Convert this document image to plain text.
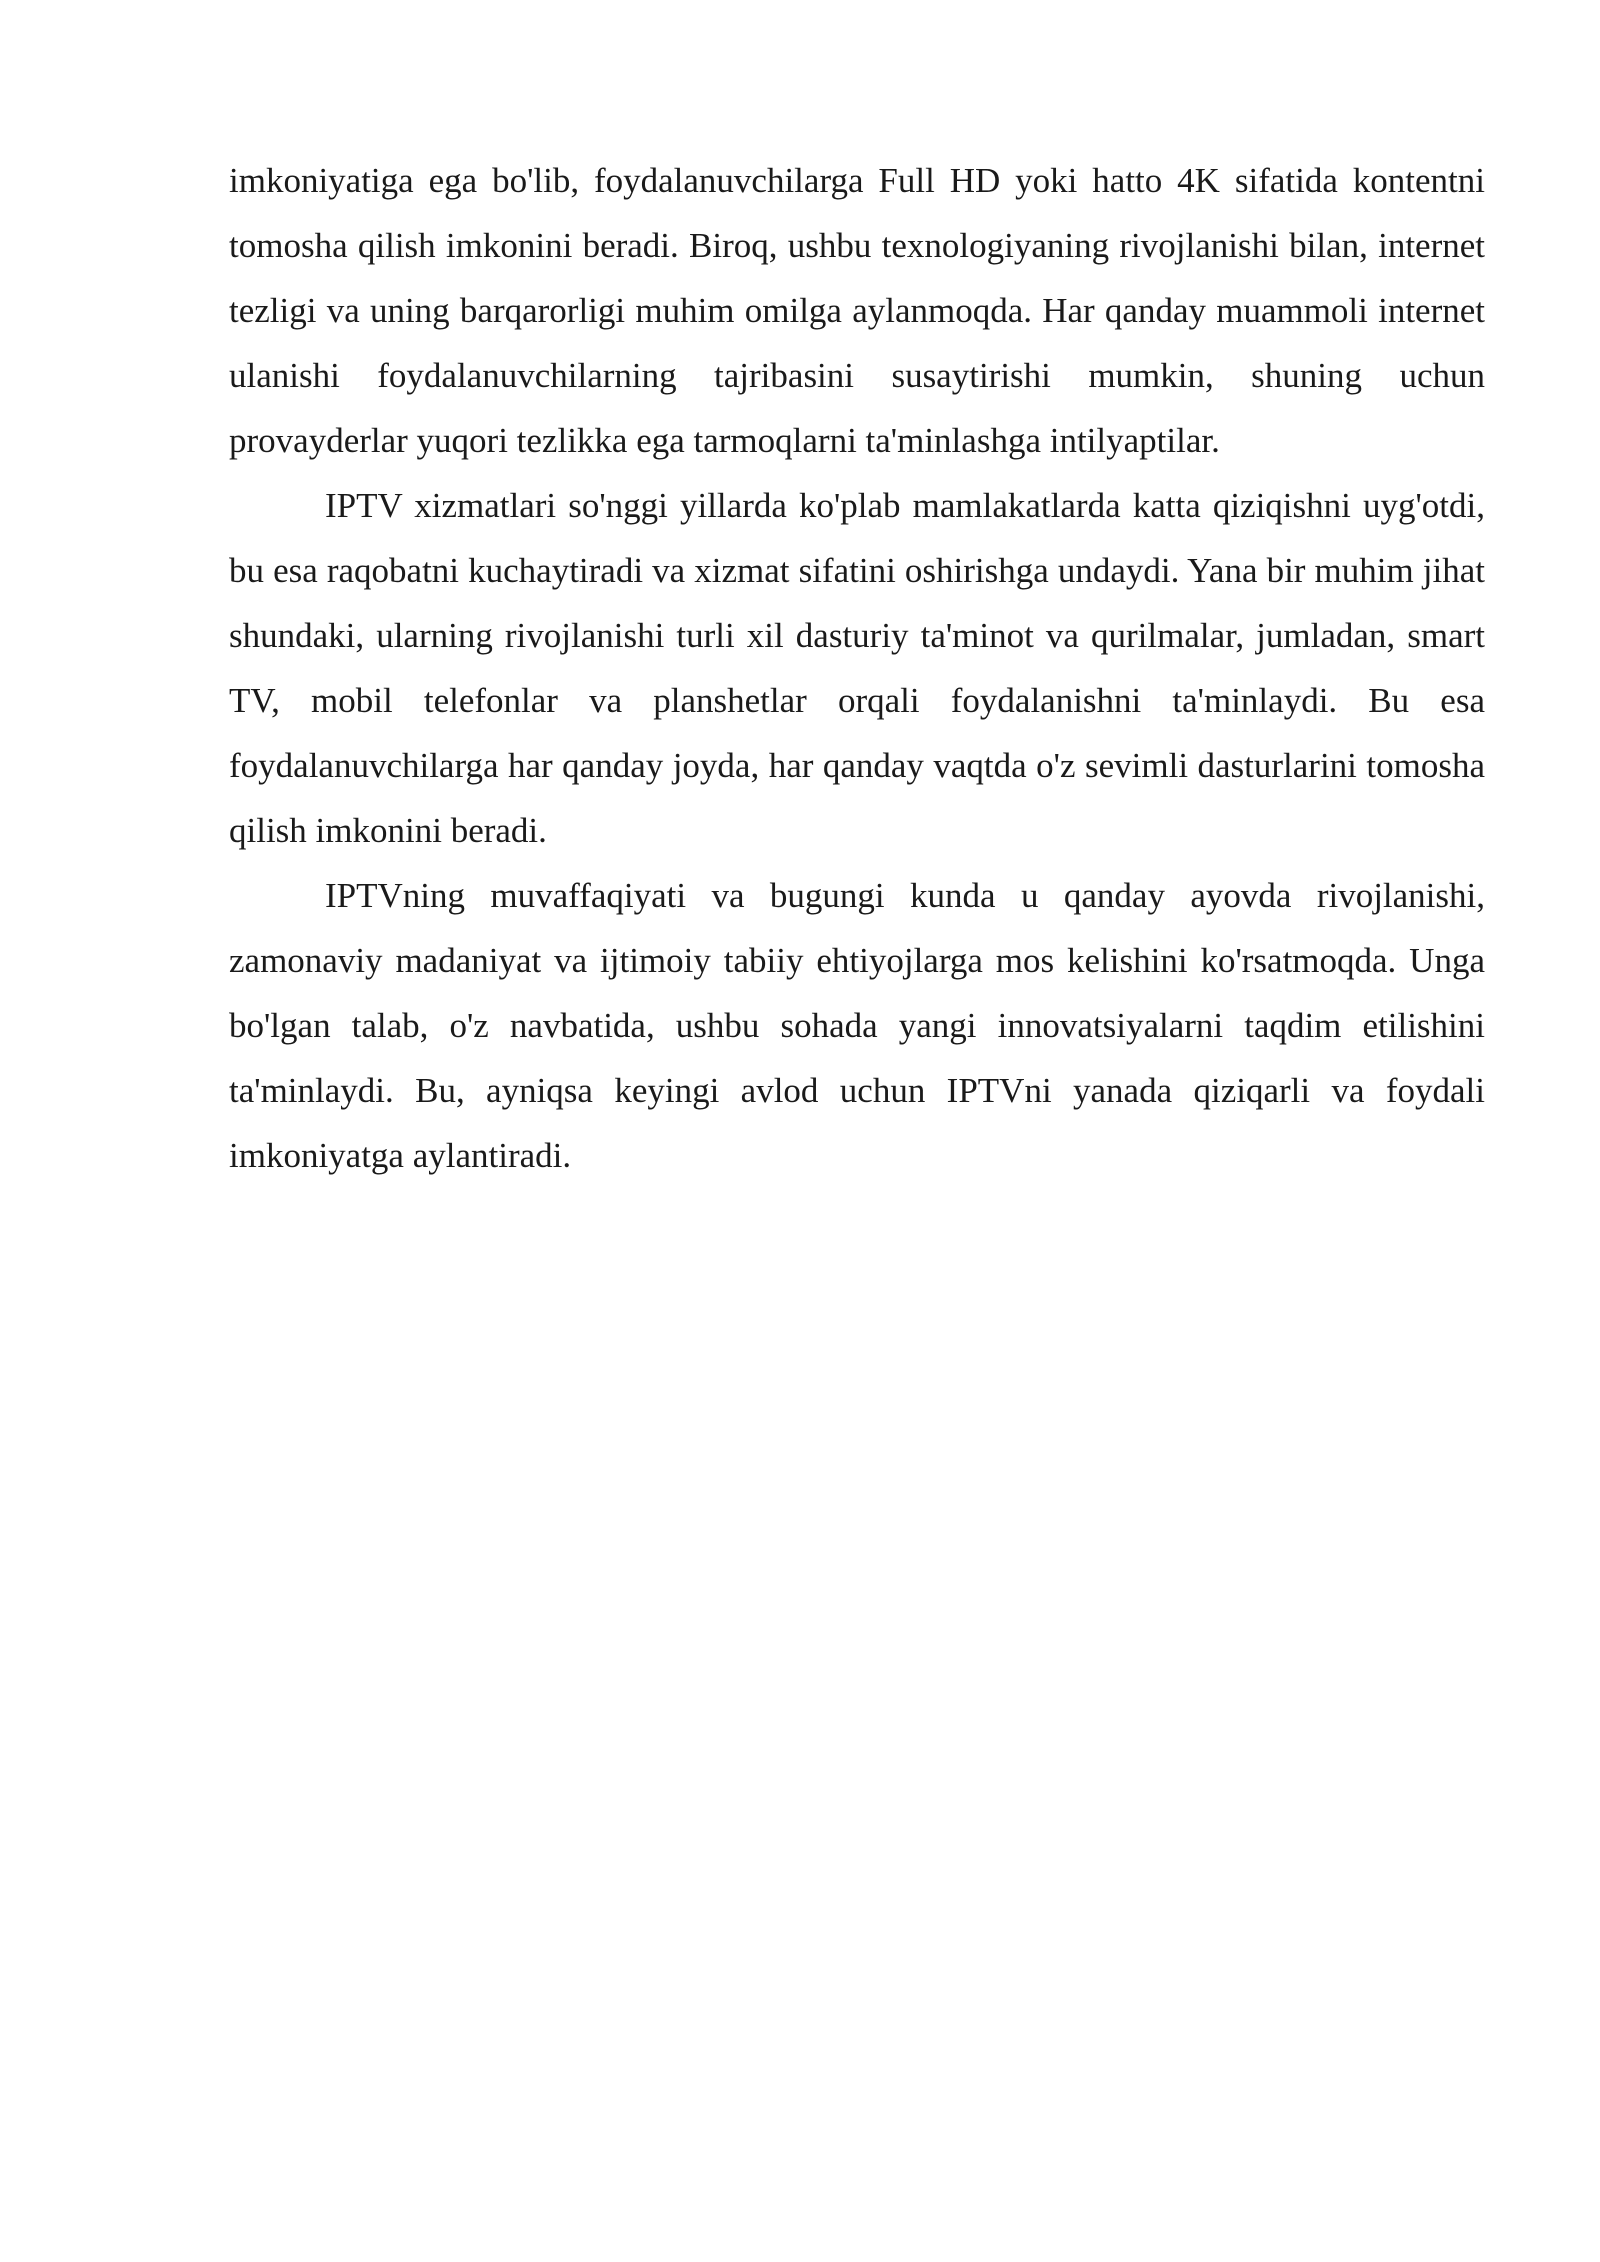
imkoniyatiga ega bo'lib, foydalanuvchilarga Full HD yoki hatto 4K sifatida kontentni tomosha qilish imkonini beradi. Biroq, ushbu texnologiyaning rivojlanishi bilan, internet tezligi va uning barqarorligi muhim omilga aylanmoqda. Har qanday muammoli internet ulanishi foydalanuvchilarning tajribasini susaytirishi mumkin, shuning uchun provayderlar yuqori tezlikka ega tarmoqlarni ta'minlashga intilyaptilar.

IPTV xizmatlari so'nggi yillarda ko'plab mamlakatlarda katta qiziqishni uyg'otdi, bu esa raqobatni kuchaytiradi va xizmat sifatini oshirishga undaydi. Yana bir muhim jihat shundaki, ularning rivojlanishi turli xil dasturiy ta'minot va qurilmalar, jumladan, smart TV, mobil telefonlar va planshetlar orqali foydalanishni ta'minlaydi. Bu esa foydalanuvchilarga har qanday joyda, har qanday vaqtda o'z sevimli dasturlarini tomosha qilish imkonini beradi.

IPTVning muvaffaqiyati va bugungi kunda u qanday ayovda rivojlanishi, zamonaviy madaniyat va ijtimoiy tabiiy ehtiyojlarga mos kelishini ko'rsatmoqda. Unga bo'lgan talab, o'z navbatida, ushbu sohada yangi innovatsiyalarni taqdim etilishini ta'minlaydi. Bu, ayniqsa keyingi avlod uchun IPTVni yanada qiziqarli va foydali imkoniyatga aylantiradi.
